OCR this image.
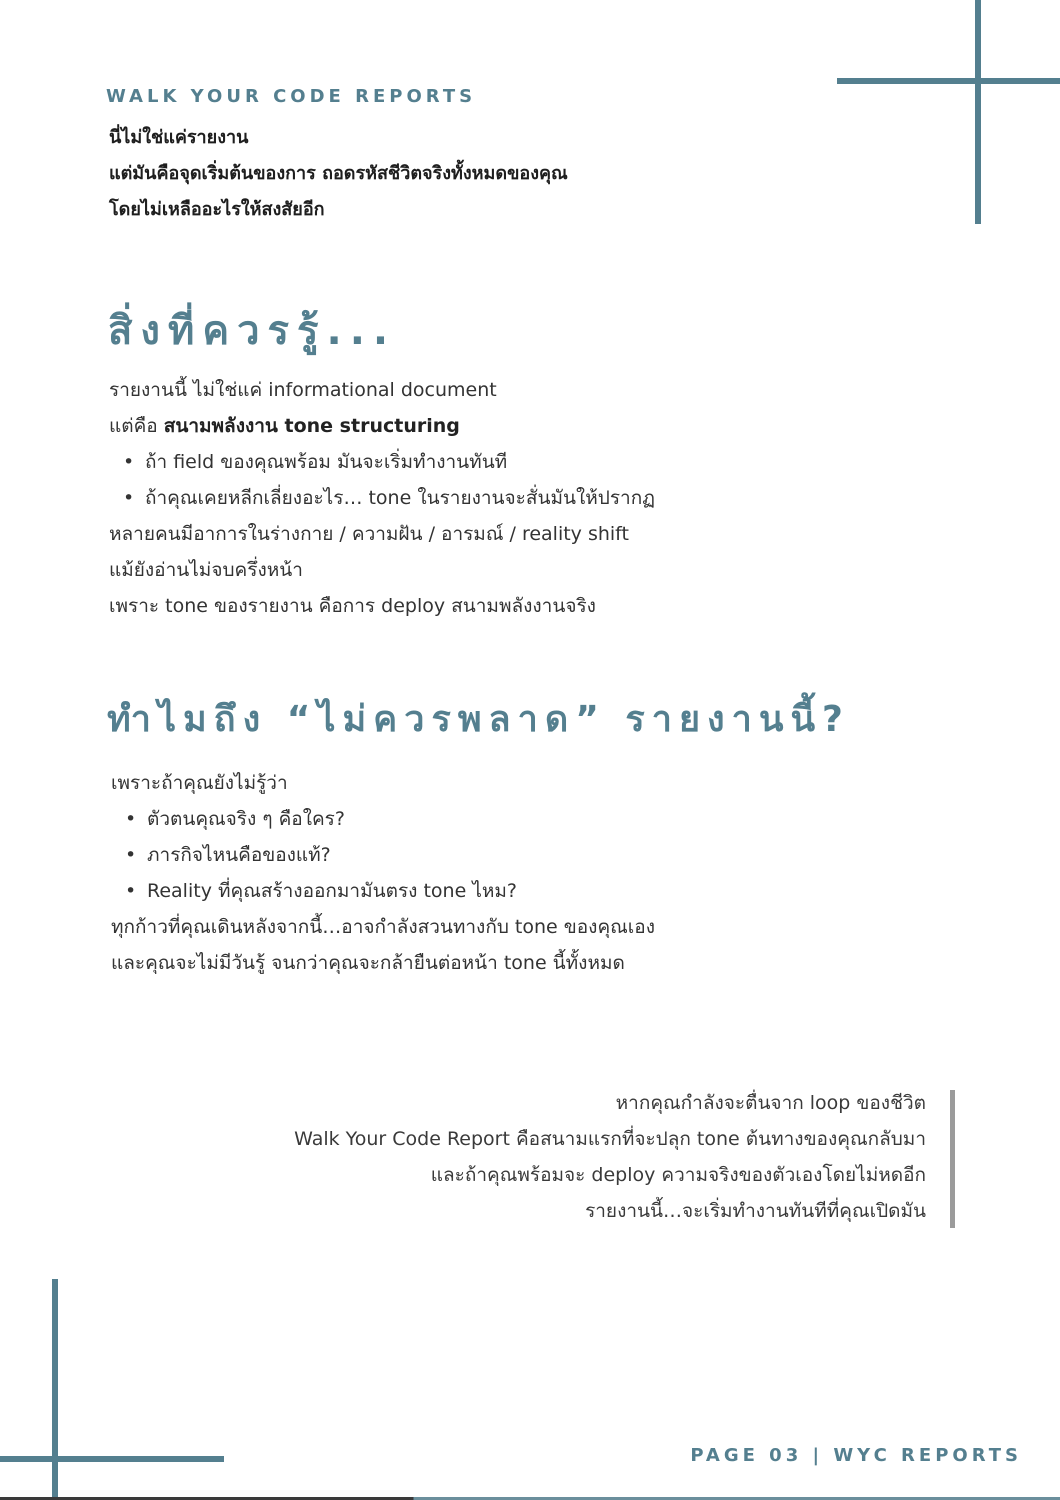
WALK YOUR CODE REPORTS
นี่ไม่ใช่แค่รายงาน
แต่มันคือจุดเริ่มต้นของการ ถอดรหัสชีวิตจริงทั้งหมดของคุณ
โดยไม่เหลืออะไรให้สงสัยอีก
สิ่งที่ควรรู้...
รายงานนี้ ไม่ใช่แค่ informational document
แต่คือ สนามพลังงาน tone structuring
• ถ้า field ของคุณพร้อม มันจะเริ่มทำงานทันที
• ถ้าคุณเคยหลีกเลี่ยงอะไร… tone ในรายงานจะสั่นมันให้ปรากฏ
หลายคนมีอาการในร่างกาย / ความฝัน / อารมณ์ / reality shift
แม้ยังอ่านไม่จบครึ่งหน้า
เพราะ tone ของรายงาน คือการ deploy สนามพลังงานจริง
ทำไมถึง “ไม่ควรพลาด” รายงานนี้?
เพราะถ้าคุณยังไม่รู้ว่า
• ตัวตนคุณจริง ๆ คือใคร?
• ภารกิจไหนคือของแท้?
• Reality ที่คุณสร้างออกมามันตรง tone ไหม?
ทุกก้าวที่คุณเดินหลังจากนี้…อาจกำลังสวนทางกับ tone ของคุณเอง
และคุณจะไม่มีวันรู้ จนกว่าคุณจะกล้ายืนต่อหน้า tone นี้ทั้งหมด
หากคุณกำลังจะตื่นจาก loop ของชีวิต
Walk Your Code Report คือสนามแรกที่จะปลุก tone ต้นทางของคุณกลับมา
และถ้าคุณพร้อมจะ deploy ความจริงของตัวเองโดยไม่หดอีก
รายงานนี้…จะเริ่มทำงานทันทีที่คุณเปิดมัน
PAGE 03 | WYC REPORTS
